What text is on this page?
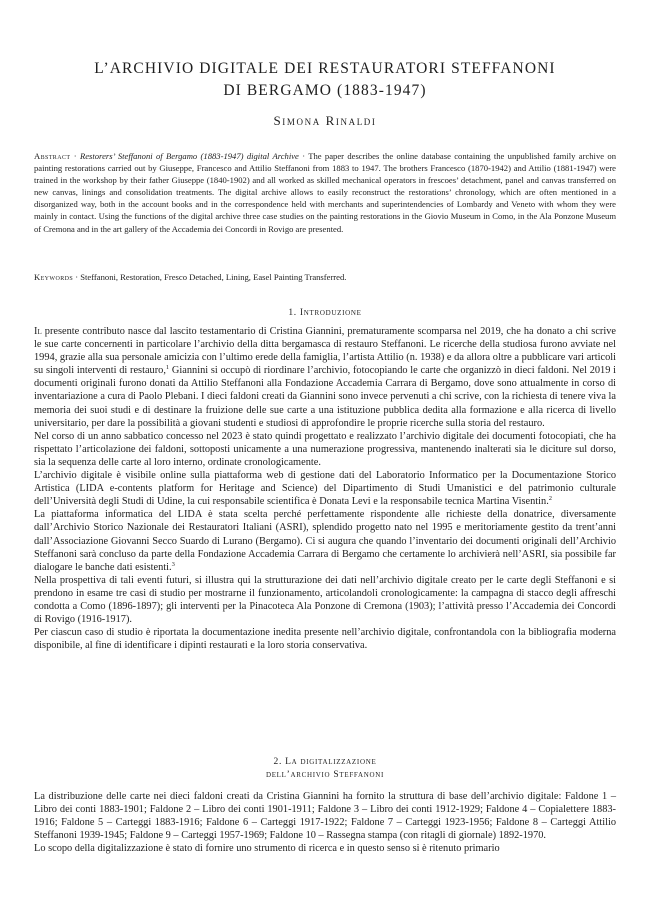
L’ARCHIVIO DIGITALE DEI RESTAURATORI STEFFANONI
DI BERGAMO (1883-1947)
Simona Rinaldi
Abstract · Restorers’ Steffanoni of Bergamo (1883-1947) digital Archive · The paper describes the online database containing the unpublished family archive on painting restorations carried out by Giuseppe, Francesco and Attilio Steffanoni from 1883 to 1947. The brothers Francesco (1870-1942) and Attilio (1881-1947) were trained in the workshop by their father Giuseppe (1840-1902) and all worked as skilled mechanical operators in frescoes’ detachment, panel and canvas transferred on new canvas, linings and consolidation treatments. The digital archive allows to easily reconstruct the restorations’ chronology, which are often mentioned in a disorganized way, both in the account books and in the correspondence held with merchants and superintendencies of Lombardy and Veneto with whom they were mainly in contact. Using the functions of the digital archive three case studies on the painting restorations in the Giovio Museum in Como, in the Ala Ponzone Museum of Cremona and in the art gallery of the Accademia dei Concordi in Rovigo are presented.
Keywords · Steffanoni, Restoration, Fresco Detached, Lining, Easel Painting Transferred.
1. Introduzione

Il presente contributo nasce dal lascito testamentario di Cristina Giannini, prematuramente scomparsa nel 2019, che ha donato a chi scrive le sue carte concernenti in particolare l’archivio della ditta bergamasca di restauro Steffanoni. Le ricerche della studiosa furono avviate nel 1994, grazie alla sua personale amicizia con l’ultimo erede della famiglia, l’artista Attilio (n. 1938) e da allora oltre a pubblicare vari articoli su singoli interventi di restauro,$^1$ Giannini si occupò di riordinare l’archivio, fotocopiando le carte che organizzò in dieci faldoni. Nel 2019 i documenti originali furono donati da Attilio Steffanoni alla Fondazione Accademia Carrara di Bergamo, dove sono attualmente in corso di inventariazione a cura di Paolo Plebani. I dieci faldoni creati da Giannini sono invece pervenuti a chi scrive, con la richiesta di tenere viva la memoria dei suoi studi e di destinare la fruizione delle sue carte a una istituzione pubblica dedita alla formazione e alla ricerca di livello universitario, per dare la possibilità a giovani studenti e studiosi di approfondire le proprie ricerche sulla storia del restauro.

Nel corso di un anno sabbatico concesso nel 2023 è stato quindi progettato e realizzato l’archivio digitale dei documenti fotocopiati, che ha rispettato l’articolazione dei faldoni, sottoposti unicamente a una numerazione progressiva, mantenendo inalterati sia le diciture sul dorso, sia la sequenza delle carte al loro interno, ordinate cronologicamente.

L’archivio digitale è visibile online sulla piattaforma web di gestione dati del Laboratorio Informatico per la Documentazione Storico Artistica (LIDA e-contents platform for Heritage and Science) del Dipartimento di Studi Umanistici e del patrimonio culturale dell’Università degli Studi di Udine, la cui responsabile scientifica è Donata Levi e la responsabile tecnica Martina Visentin.$^2$

La piattaforma informatica del LIDA è stata scelta perché perfettamente rispondente alle richieste della donatrice, diversamente dall’Archivio Storico Nazionale dei Restauratori Italiani (ASRI), splendido progetto nato nel 1995 e meritoriamente gestito da trent’anni dall’Associazione Giovanni Secco Suardo di Lurano (Bergamo). Ci si augura che quando l’inventario dei documenti originali dell’Archivio Steffanoni sarà concluso da parte della Fondazione Accademia Carrara di Bergamo che certamente lo archivierà nell’ASRI, sia possibile far dialogare le banche dati esistenti.$^3$

Nella prospettiva di tali eventi futuri, si illustra qui la strutturazione dei dati nell’archivio digitale creato per le carte degli Steffanoni e si prendono in esame tre casi di studio per mostrarne il funzionamento, articolandoli cronologicamente: la campagna di stacco degli affreschi condotta a Como (1896-1897); gli interventi per la Pinacoteca Ala Ponzone di Cremona (1903); l’attività presso l’Accademia dei Concordi di Rovigo (1916-1917).

Per ciascun caso di studio è riportata la documentazione inedita presente nell’archivio digitale, confrontandola con la bibliografia moderna disponibile, al fine di identificare i dipinti restaurati e la loro storia conservativa.

2. La digitalizzazione
dell’archivio Steffanoni

La distribuzione delle carte nei dieci faldoni creati da Cristina Giannini ha fornito la struttura di base dell’archivio digitale: Faldone 1 – Libro dei conti 1883-1901; Faldone 2 – Libro dei conti 1901-1911; Faldone 3 – Libro dei conti 1912-1929; Faldone 4 – Copialettere 1883-1916; Faldone 5 – Carteggi 1883-1916; Faldone 6 – Carteggi 1917-1922; Faldone 7 – Carteggi 1923-1956; Faldone 8 – Carteggi Attilio Steffanoni 1939-1945; Faldone 9 – Carteggi 1957-1969; Faldone 10 – Rassegna stampa (con ritagli di giornale) 1892-1970.

Lo scopo della digitalizzazione è stato di fornire uno strumento di ricerca e in questo senso si è ritenuto primario
